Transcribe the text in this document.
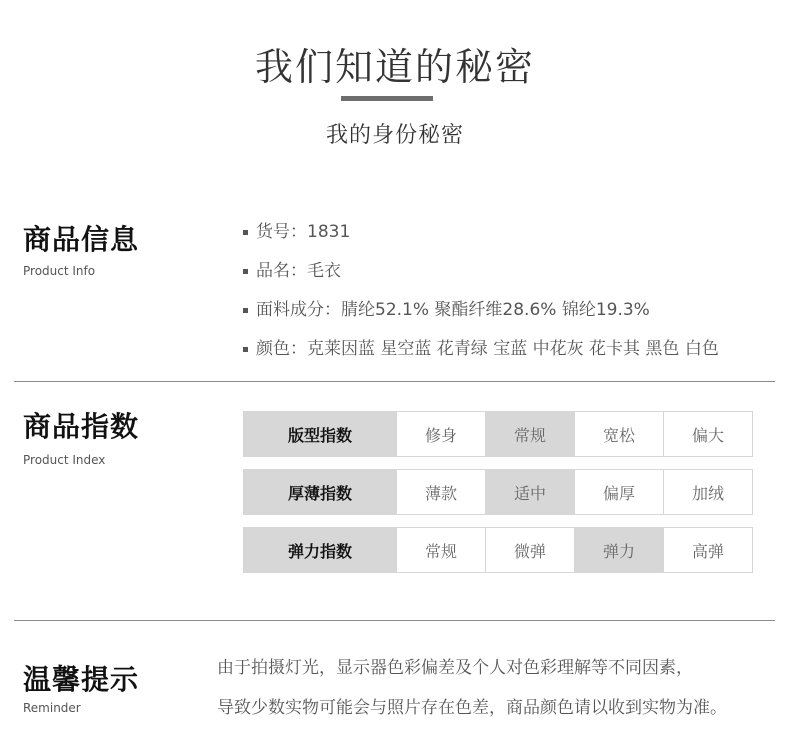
我们知道的秘密
我的身份秘密
商品信息
Product Info
货号：1831
品名：毛衣
面料成分：腈纶52.1% 聚酯纤维28.6% 锦纶19.3%
颜色：克莱因蓝 星空蓝 花青绿 宝蓝 中花灰 花卡其 黑色 白色
商品指数
Product Index
版型指数	修身	常规	宽松	偏大
厚薄指数	薄款	适中	偏厚	加绒
弹力指数	常规	微弹	弹力	高弹
温馨提示
Reminder
由于拍摄灯光，显示器色彩偏差及个人对色彩理解等不同因素，
导致少数实物可能会与照片存在色差，商品颜色请以收到实物为准。
